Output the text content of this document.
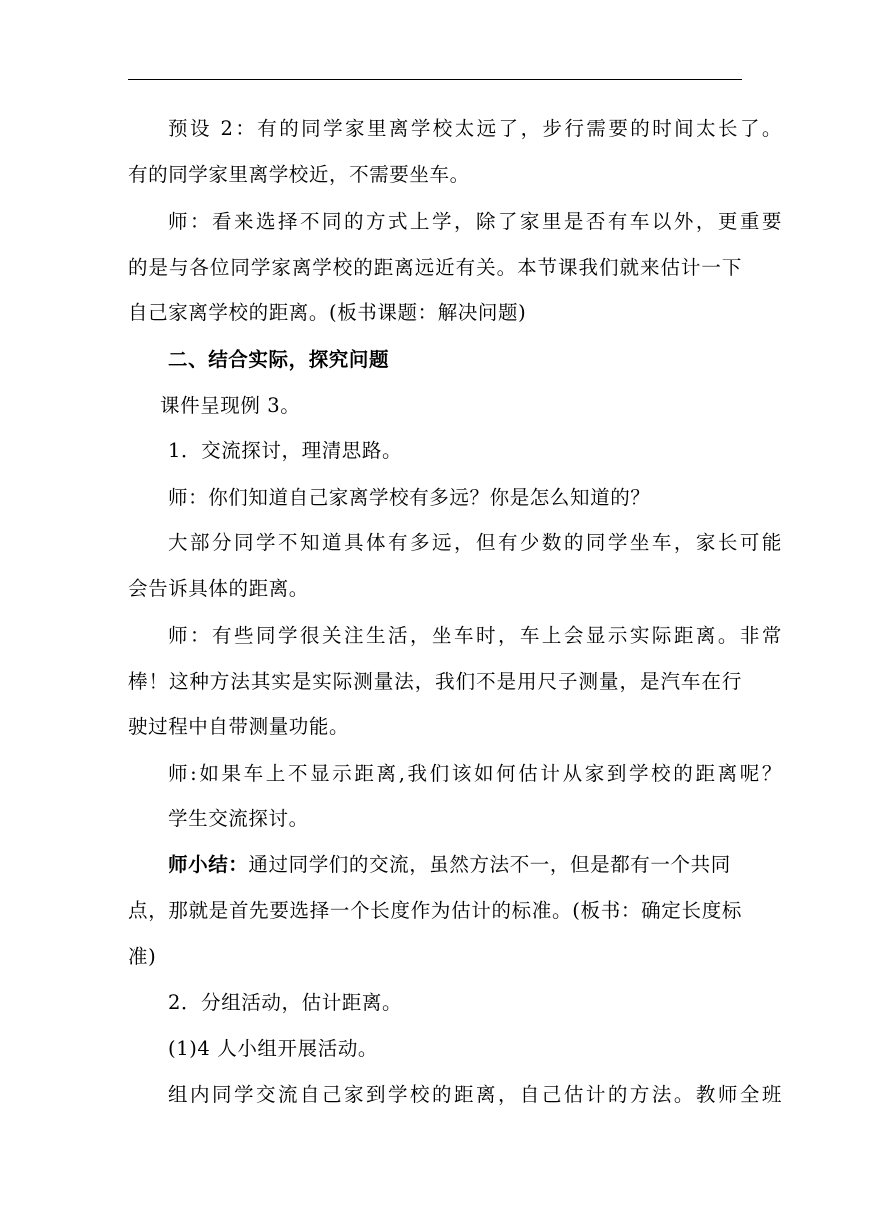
预设 2：有的同学家里离学校太远了，步行需要的时间太长了。
有的同学家里离学校近，不需要坐车。
师：看来选择不同的方式上学，除了家里是否有车以外，更重要
的是与各位同学家离学校的距离远近有关。本节课我们就来估计一下
自己家离学校的距离。(板书课题：解决问题)
二、结合实际，探究问题
课件呈现例 3。
1．交流探讨，理清思路。
师：你们知道自己家离学校有多远？你是怎么知道的？
大部分同学不知道具体有多远，但有少数的同学坐车，家长可能
会告诉具体的距离。
师：有些同学很关注生活，坐车时，车上会显示实际距离。非常
棒！这种方法其实是实际测量法，我们不是用尺子测量，是汽车在行
驶过程中自带测量功能。
师:如果车上不显示距离,我们该如何估计从家到学校的距离呢？
学生交流探讨。
师小结：通过同学们的交流，虽然方法不一，但是都有一个共同
点，那就是首先要选择一个长度作为估计的标准。(板书：确定长度标
准)
2．分组活动，估计距离。
(1)4 人小组开展活动。
组内同学交流自己家到学校的距离，自己估计的方法。教师全班
